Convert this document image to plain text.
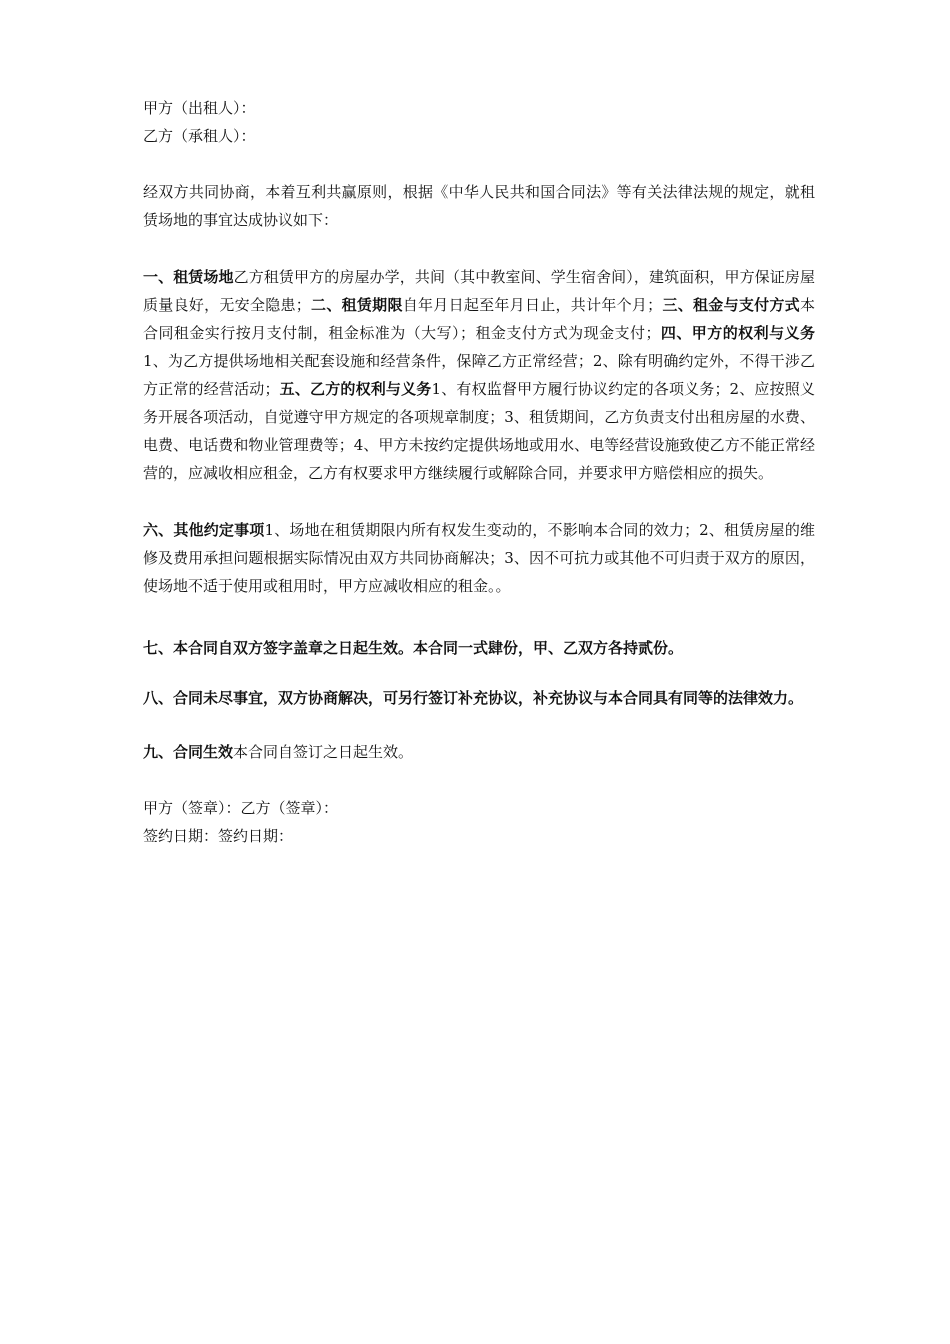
甲方（出租人）：

乙方（承租人）：

经双方共同协商，本着互利共赢原则，根据《中华人民共和国合同法》等有关法律法规的规定，就租赁场地的事宜达成协议如下：

一、租赁场地乙方租赁甲方的房屋办学，共间（其中教室间、学生宿舍间），建筑面积，甲方保证房屋质量良好，无安全隐患；二、租赁期限自年月日起至年月日止，共计年个月；三、租金与支付方式本合同租金实行按月支付制，租金标准为（大写）；租金支付方式为现金支付；四、甲方的权利与义务1、为乙方提供场地相关配套设施和经营条件，保障乙方正常经营；2、除有明确约定外，不得干涉乙方正常的经营活动；五、乙方的权利与义务1、有权监督甲方履行协议约定的各项义务；2、应按照义务开展各项活动，自觉遵守甲方规定的各项规章制度；3、租赁期间，乙方负责支付出租房屋的水费、电费、电话费和物业管理费等；4、甲方未按约定提供场地或用水、电等经营设施致使乙方不能正常经营的，应减收相应租金，乙方有权要求甲方继续履行或解除合同，并要求甲方赔偿相应的损失。

六、其他约定事项1、场地在租赁期限内所有权发生变动的，不影响本合同的效力；2、租赁房屋的维修及费用承担问题根据实际情况由双方共同协商解决；3、因不可抗力或其他不可归责于双方的原因，使场地不适于使用或租用时，甲方应减收相应的租金。。

七、本合同自双方签字盖章之日起生效。本合同一式肆份，甲、乙双方各持贰份。

八、合同未尽事宜，双方协商解决，可另行签订补充协议，补充协议与本合同具有同等的法律效力。

九、合同生效本合同自签订之日起生效。

甲方（签章）：乙方（签章）：

签约日期：签约日期：
